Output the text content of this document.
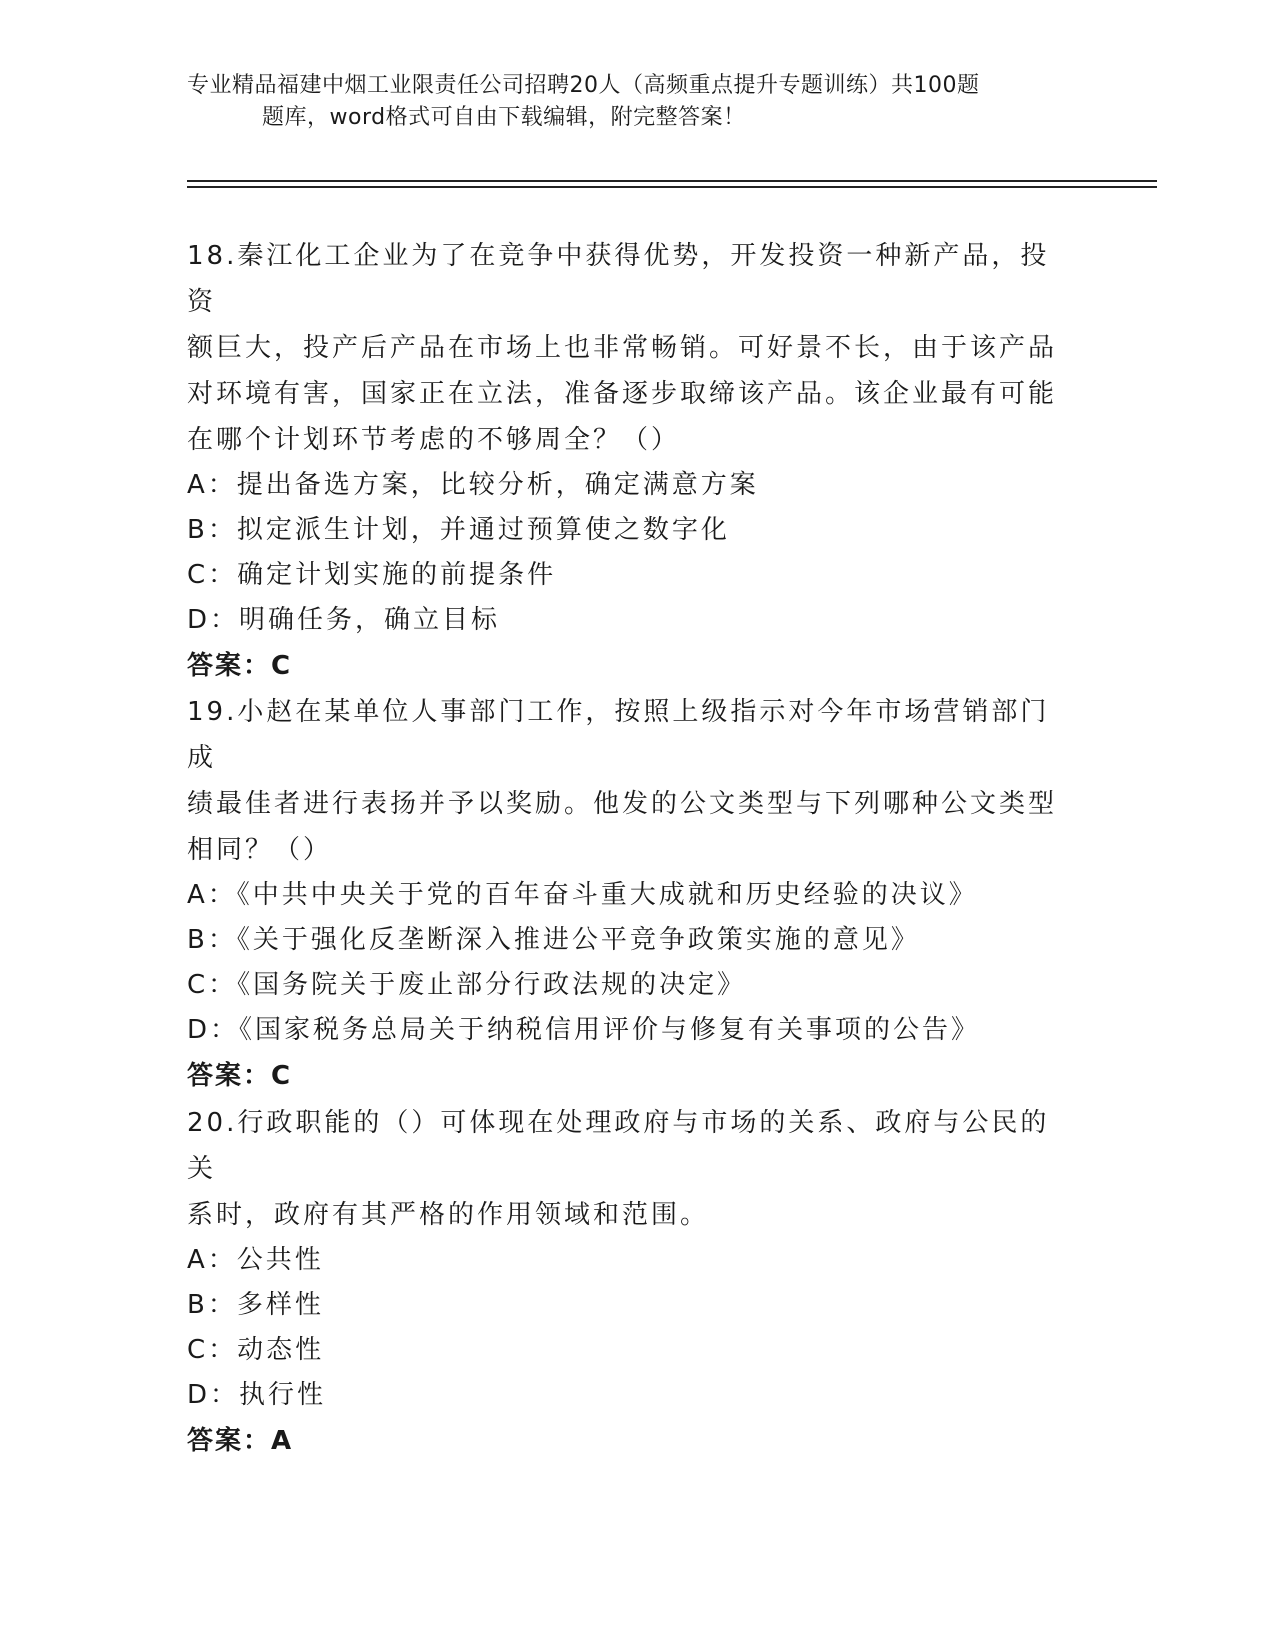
专业精品福建中烟工业限责任公司招聘20人（高频重点提升专题训练）共100题
题库，word格式可自由下载编辑，附完整答案！
18.秦江化工企业为了在竞争中获得优势，开发投资一种新产品，投资
额巨大，投产后产品在市场上也非常畅销。可好景不长，由于该产品
对环境有害，国家正在立法，准备逐步取缔该产品。该企业最有可能
在哪个计划环节考虑的不够周全？（）
A：提出备选方案，比较分析，确定满意方案
B：拟定派生计划，并通过预算使之数字化
C：确定计划实施的前提条件
D：明确任务，确立目标
答案：C
19.小赵在某单位人事部门工作，按照上级指示对今年市场营销部门成
绩最佳者进行表扬并予以奖励。他发的公文类型与下列哪种公文类型
相同？（）
A：《中共中央关于党的百年奋斗重大成就和历史经验的决议》
B：《关于强化反垄断深入推进公平竞争政策实施的意见》
C：《国务院关于废止部分行政法规的决定》
D：《国家税务总局关于纳税信用评价与修复有关事项的公告》
答案：C
20.行政职能的（）可体现在处理政府与市场的关系、政府与公民的关
系时，政府有其严格的作用领域和范围。
A：公共性
B：多样性
C：动态性
D：执行性
答案：A
